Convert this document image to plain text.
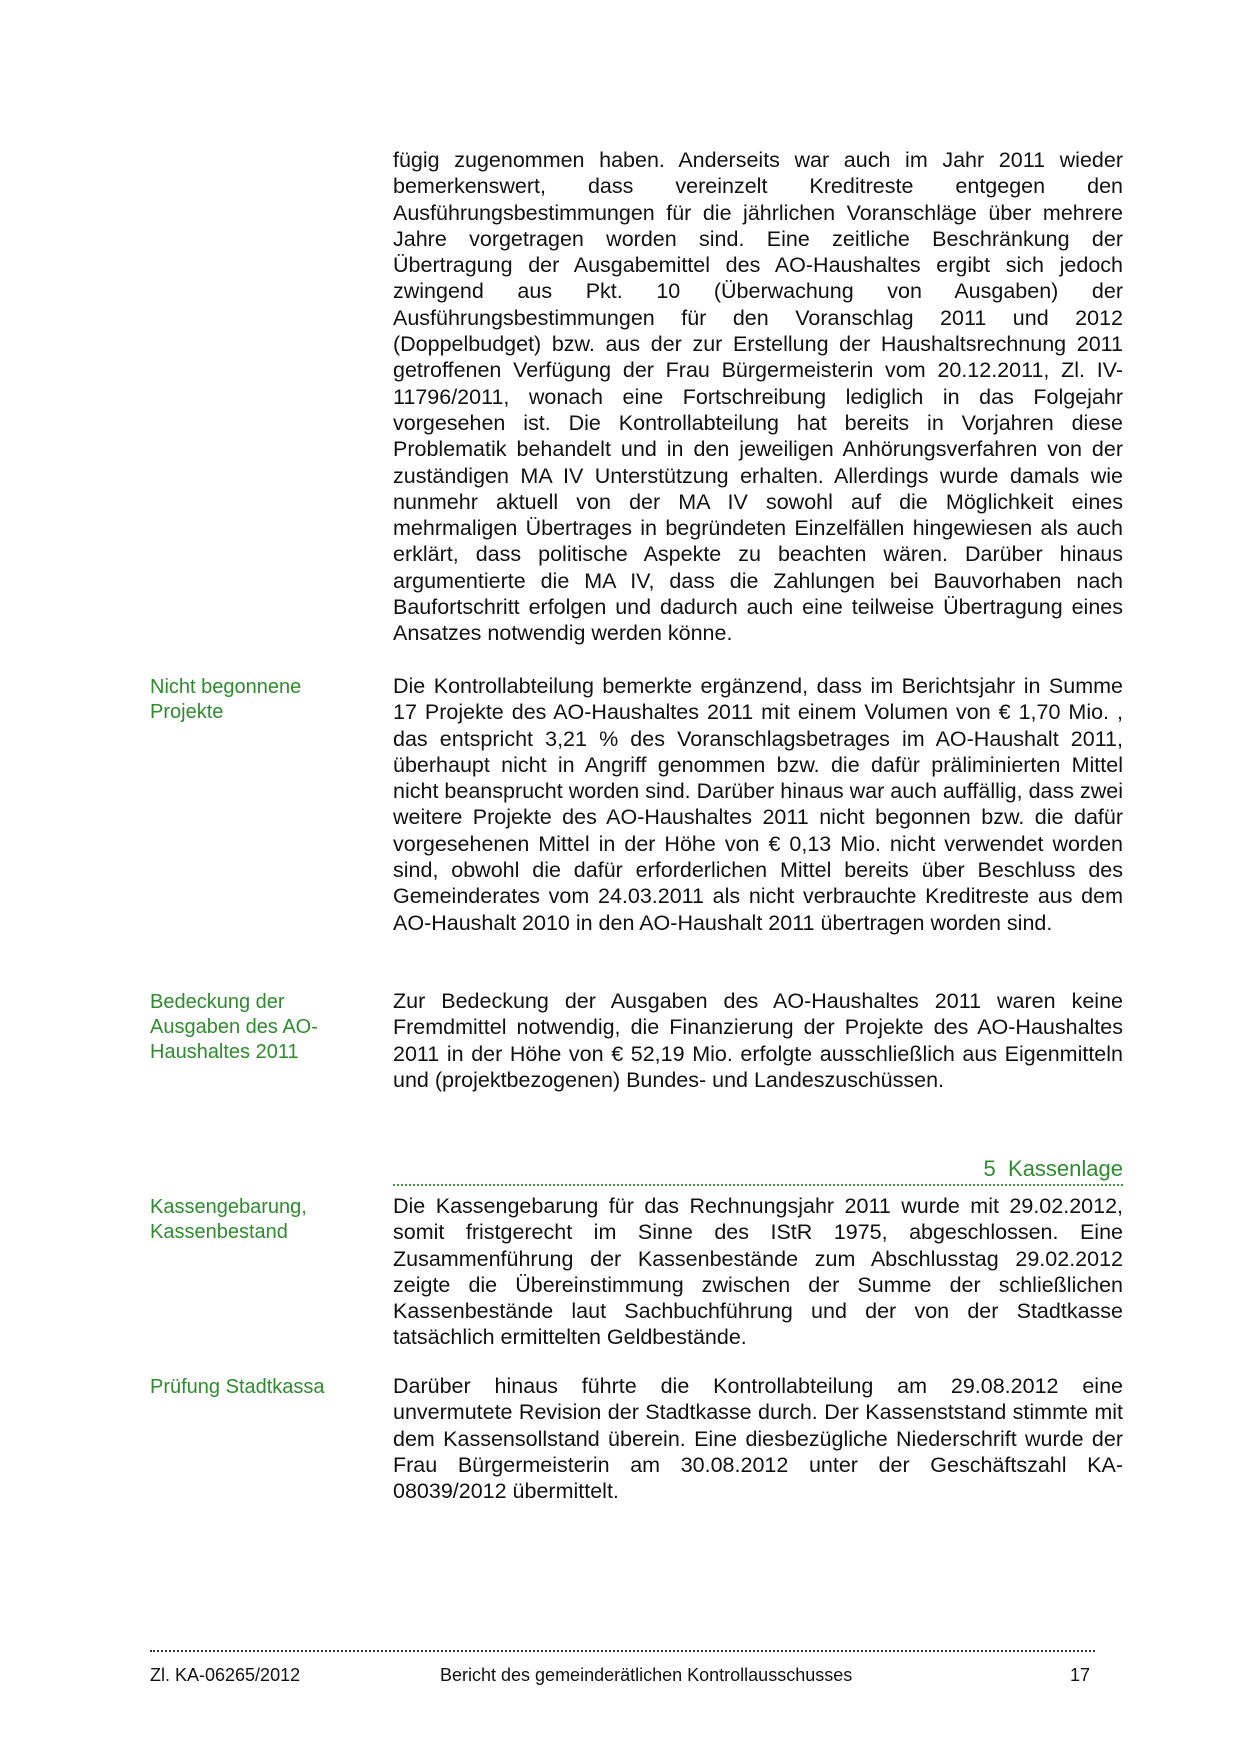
fügig zugenommen haben. Anderseits war auch im Jahr 2011 wieder bemerkenswert, dass vereinzelt Kreditreste entgegen den Ausführungsbestimmungen für die jährlichen Voranschläge über mehrere Jahre vorgetragen worden sind. Eine zeitliche Beschränkung der Übertragung der Ausgabemittel des AO-Haushaltes ergibt sich jedoch zwingend aus Pkt. 10 (Überwachung von Ausgaben) der Ausführungsbestimmungen für den Voranschlag 2011 und 2012 (Doppelbudget) bzw. aus der zur Erstellung der Haushaltsrechnung 2011 getroffenen Verfügung der Frau Bürgermeisterin vom 20.12.2011, Zl. IV-11796/2011, wonach eine Fortschreibung lediglich in das Folgejahr vorgesehen ist. Die Kontrollabteilung hat bereits in Vorjahren diese Problematik behandelt und in den jeweiligen Anhörungsverfahren von der zuständigen MA IV Unterstützung erhalten. Allerdings wurde damals wie nunmehr aktuell von der MA IV sowohl auf die Möglichkeit eines mehrmaligen Übertrages in begründeten Einzelfällen hingewiesen als auch erklärt, dass politische Aspekte zu beachten wären. Darüber hinaus argumentierte die MA IV, dass die Zahlungen bei Bauvorhaben nach Baufortschritt erfolgen und dadurch auch eine teilweise Übertragung eines Ansatzes notwendig werden könne.
Nicht begonnene Projekte
Die Kontrollabteilung bemerkte ergänzend, dass im Berichtsjahr in Summe 17 Projekte des AO-Haushaltes 2011 mit einem Volumen von € 1,70 Mio. , das entspricht 3,21 % des Voranschlagsbetrages im AO-Haushalt 2011, überhaupt nicht in Angriff genommen bzw. die dafür präliminierten Mittel nicht beansprucht worden sind. Darüber hinaus war auch auffällig, dass zwei weitere Projekte des AO-Haushaltes 2011 nicht begonnen bzw. die dafür vorgesehenen Mittel in der Höhe von € 0,13 Mio. nicht verwendet worden sind, obwohl die dafür erforderlichen Mittel bereits über Beschluss des Gemeinderates vom 24.03.2011 als nicht verbrauchte Kreditreste aus dem AO-Haushalt 2010 in den AO-Haushalt 2011 übertragen worden sind.
Bedeckung der Ausgaben des AO-Haushaltes 2011
Zur Bedeckung der Ausgaben des AO-Haushaltes 2011 waren keine Fremdmittel notwendig, die Finanzierung der Projekte des AO-Haushaltes 2011 in der Höhe von € 52,19 Mio. erfolgte ausschließlich aus Eigenmitteln und (projektbezogenen) Bundes- und Landeszuschüssen.
5 Kassenlage
Kassengebarung, Kassenbestand
Die Kassengebarung für das Rechnungsjahr 2011 wurde mit 29.02.2012, somit fristgerecht im Sinne des IStR 1975, abgeschlossen. Eine Zusammenführung der Kassenbestände zum Abschlusstag 29.02.2012 zeigte die Übereinstimmung zwischen der Summe der schließlichen Kassenbestände laut Sachbuchführung und der von der Stadtkasse tatsächlich ermittelten Geldbestände.
Prüfung Stadtkassa	Darüber hinaus führte die Kontrollabteilung am 29.08.2012 eine unvermutete Revision der Stadtkasse durch. Der Kassenststand stimmte mit dem Kassensollstand überein. Eine diesbezügliche Niederschrift wurde der Frau Bürgermeisterin am 30.08.2012 unter der Geschäftszahl KA-08039/2012 übermittelt.
Zl. KA-06265/2012	Bericht des gemeinderätlichen Kontrollausschusses	17
